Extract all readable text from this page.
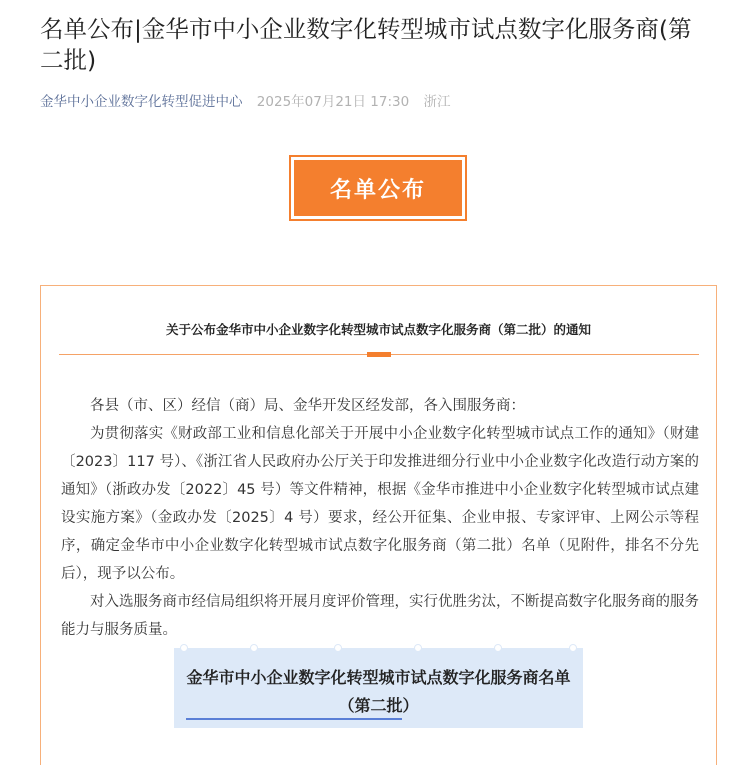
名单公布|金华市中小企业数字化转型城市试点数字化服务商(第二批)
金华中小企业数字化转型促进中心 2025年07月21日 17:30 浙江
名单公布
关于公布金华市中小企业数字化转型城市试点数字化服务商（第二批）的通知

各县（市、区）经信（商）局、金华开发区经发部，各入围服务商：

为贯彻落实《财政部工业和信息化部关于开展中小企业数字化转型城市试点工作的通知》（财建〔2023〕117 号）、《浙江省人民政府办公厅关于印发推进细分行业中小企业数字化改造行动方案的通知》（浙政办发〔2022〕45 号）等文件精神，根据《金华市推进中小企业数字化转型城市试点建设实施方案》（金政办发〔2025〕4 号）要求，经公开征集、企业申报、专家评审、上网公示等程序，确定金华市中小企业数字化转型城市试点数字化服务商（第二批）名单（见附件，排名不分先后），现予以公布。

对入选服务商市经信局组织将开展月度评价管理，实行优胜劣汰，不断提高数字化服务商的服务能力与服务质量。

金华市中小企业数字化转型城市试点数字化服务商名单
（第二批）
